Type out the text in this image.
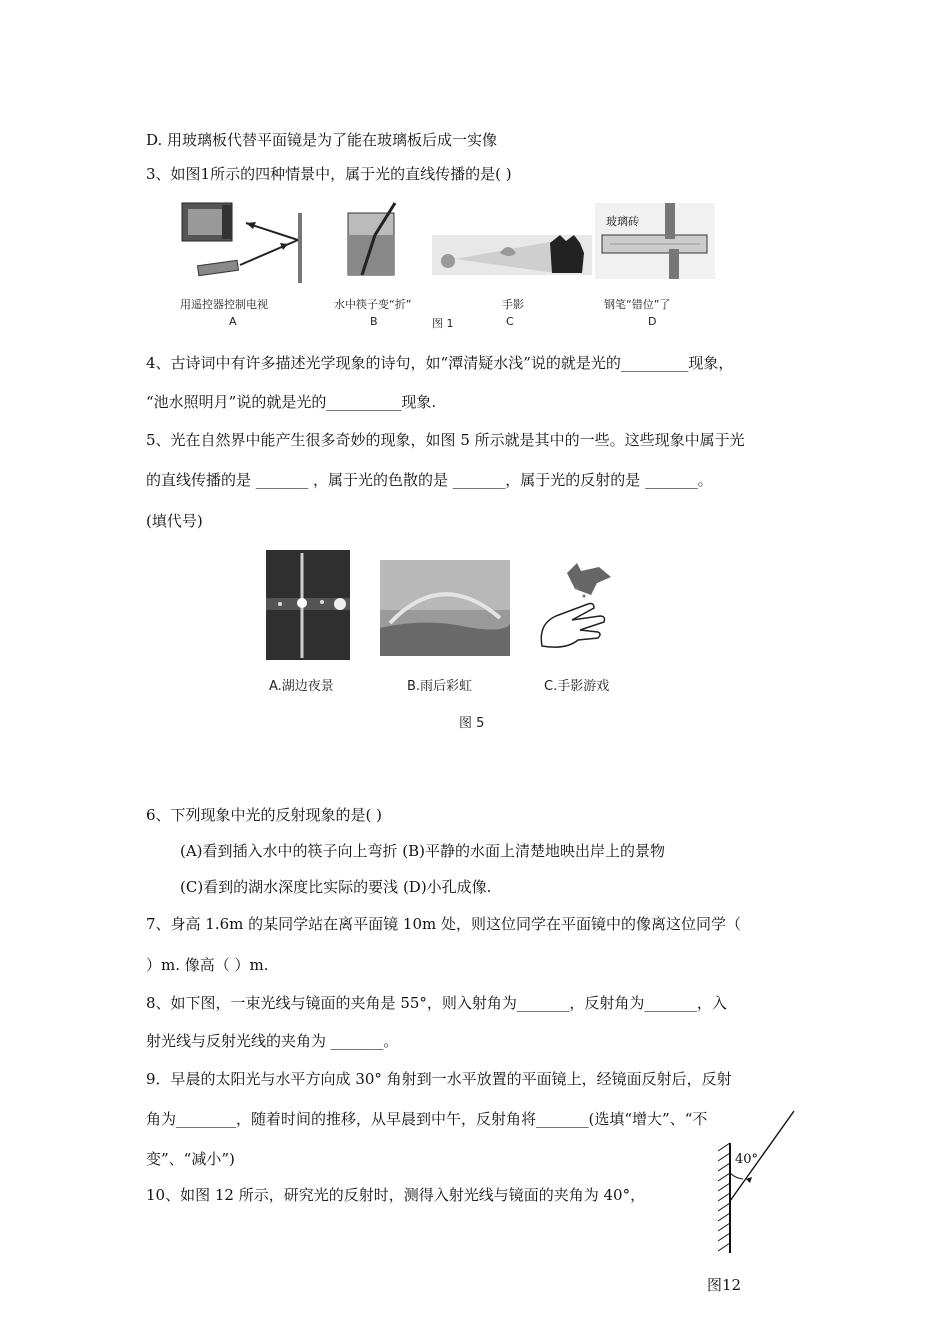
D. 用玻璃板代替平面镜是为了能在玻璃板后成一实像
3、如图1所示的四种情景中，属于光的直线传播的是( )
玻璃砖
用遥控器控制电视	水中筷子变“折”	手影	钢笔“错位”了
A	B	图 1	C	D
4、古诗词中有许多描述光学现象的诗句，如“潭清疑水浅”说的就是光的_________现象，
“池水照明月”说的就是光的__________现象.
5、光在自然界中能产生很多奇妙的现象，如图 5 所示就是其中的一些。这些现象中属于光
的直线传播的是 _______ ，属于光的色散的是 _______，属于光的反射的是 _______。
(填代号)
A.湖边夜景	B.雨后彩虹	C.手影游戏
图 5
6、下列现象中光的反射现象的是( )
(A)看到插入水中的筷子向上弯折 (B)平静的水面上清楚地映出岸上的景物
(C)看到的湖水深度比实际的要浅 (D)小孔成像.
7、身高 1.6m 的某同学站在离平面镜 10m 处，则这位同学在平面镜中的像离这位同学（
）m. 像高（ ）m.
8、如下图，一束光线与镜面的夹角是 55°，则入射角为_______，反射角为_______，入
射光线与反射光线的夹角为 _______。
9．早晨的太阳光与水平方向成 30° 角射到一水平放置的平面镜上，经镜面反射后，反射
角为________，随着时间的推移，从早晨到中午，反射角将_______(选填“增大”、“不
变”、“减小”)
10、如图 12 所示，研究光的反射时，测得入射光线与镜面的夹角为 40°，
40°
图12
